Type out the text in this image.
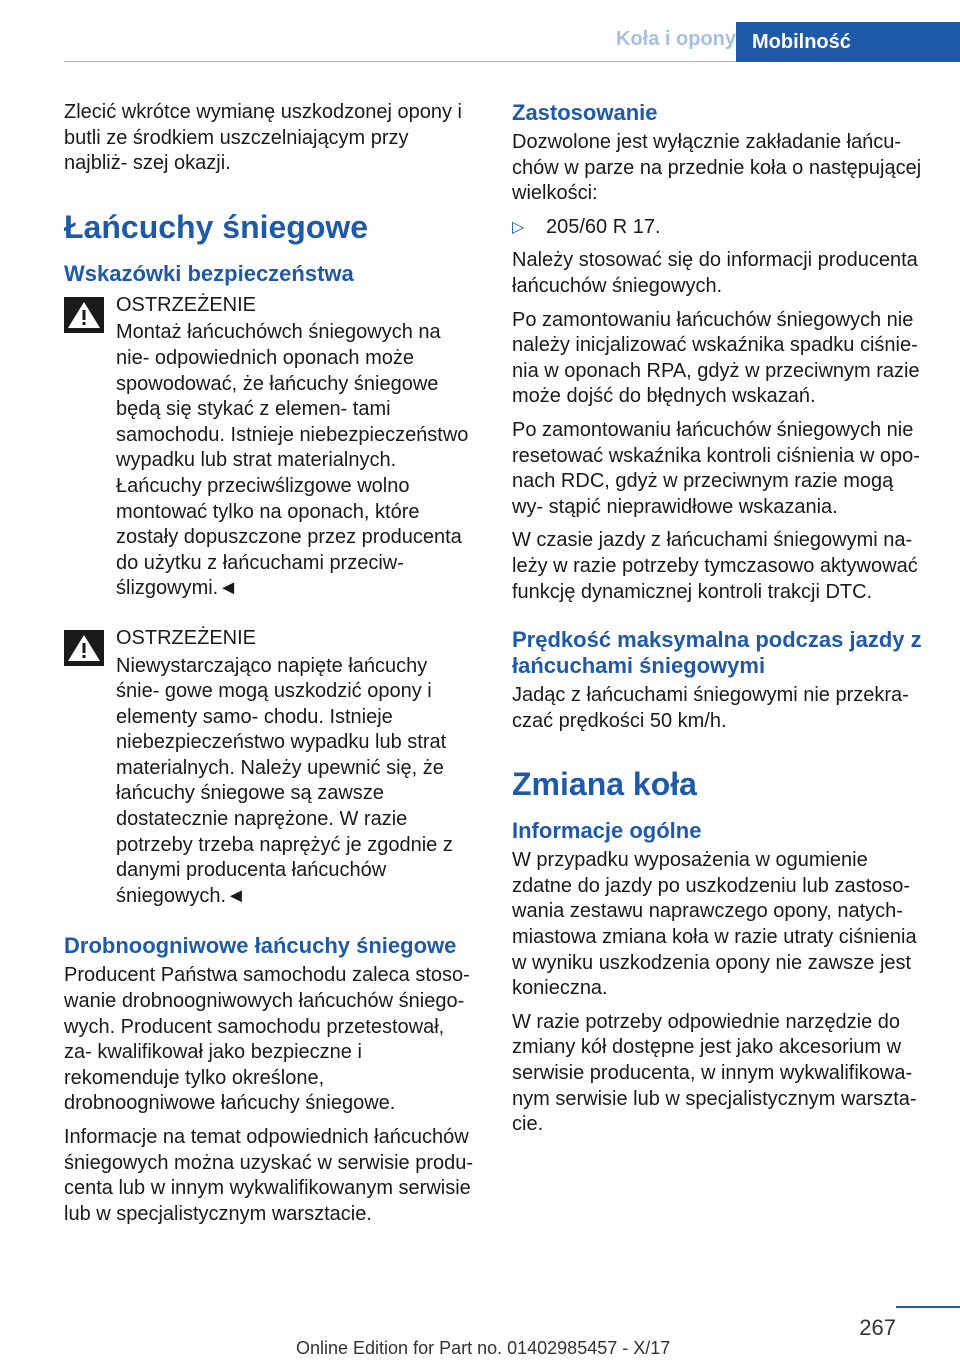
Koła i opony Mobilność

Zlecić wkrótce wymianę uszkodzonej opony i butli ze środkiem uszczelniającym przy najbliż‐ szej okazji.

Łańcuchy śniegowe
Wskazówki bezpieczeństwa
OSTRZEŻENIE

Montaż łańcuchówch śniegowych na nie‐ odpowiednich oponach może spowodować, że łańcuchy śniegowe będą się stykać z elemen‐ tami samochodu. Istnieje niebezpieczeństwo wypadku lub strat materialnych. Łańcuchy przeciwślizgowe wolno montować tylko na oponach, które zostały dopuszczone przez producenta do użytku z łańcuchami przeciw‐ ślizgowymi.◄

OSTRZEŻENIE

Niewystarczająco napięte łańcuchy śnie‐ gowe mogą uszkodzić opony i elementy samo‐ chodu. Istnieje niebezpieczeństwo wypadku lub strat materialnych. Należy upewnić się, że łańcuchy śniegowe są zawsze dostatecznie naprężone. W razie potrzeby trzeba naprężyć je zgodnie z danymi producenta łańcuchów śniegowych.◄

Drobnoogniwowe łańcuchy śniegowe

Producent Państwa samochodu zaleca stoso‐ wanie drobnoogniwowych łańcuchów śniego‐ wych. Producent samochodu przetestował, za‐ kwalifikował jako bezpieczne i rekomenduje tylko określone, drobnoogniwowe łańcuchy śniegowe.

Informacje na temat odpowiednich łańcuchów śniegowych można uzyskać w serwisie produ‐ centa lub w innym wykwalifikowanym serwisie lub w specjalistycznym warsztacie.

Zastosowanie

Dozwolone jest wyłącznie zakładanie łańcu‐ chów w parze na przednie koła o następującej wielkości:

▷ 205/60 R 17.

Należy stosować się do informacji producenta łańcuchów śniegowych.

Po zamontowaniu łańcuchów śniegowych nie należy inicjalizować wskaźnika spadku ciśnie‐ nia w oponach RPA, gdyż w przeciwnym razie może dojść do błędnych wskazań.

Po zamontowaniu łańcuchów śniegowych nie resetować wskaźnika kontroli ciśnienia w opo‐ nach RDC, gdyż w przeciwnym razie mogą wy‐ stąpić nieprawidłowe wskazania.

W czasie jazdy z łańcuchami śniegowymi na‐ leży w razie potrzeby tymczasowo aktywować funkcję dynamicznej kontroli trakcji DTC.

Prędkość maksymalna podczas jazdy z łańcuchami śniegowymi

Jadąc z łańcuchami śniegowymi nie przekra‐ czać prędkości 50 km/h.

Zmiana koła
Informacje ogólne

W przypadku wyposażenia w ogumienie zdatne do jazdy po uszkodzeniu lub zastoso‐ wania zestawu naprawczego opony, natych‐ miastowa zmiana koła w razie utraty ciśnienia w wyniku uszkodzenia opony nie zawsze jest konieczna.

W razie potrzeby odpowiednie narzędzie do zmiany kół dostępne jest jako akcesorium w serwisie producenta, w innym wykwalifikowa‐ nym serwisie lub w specjalistycznym warszta‐ cie.

267
Online Edition for Part no. 01402985457 - X/17
